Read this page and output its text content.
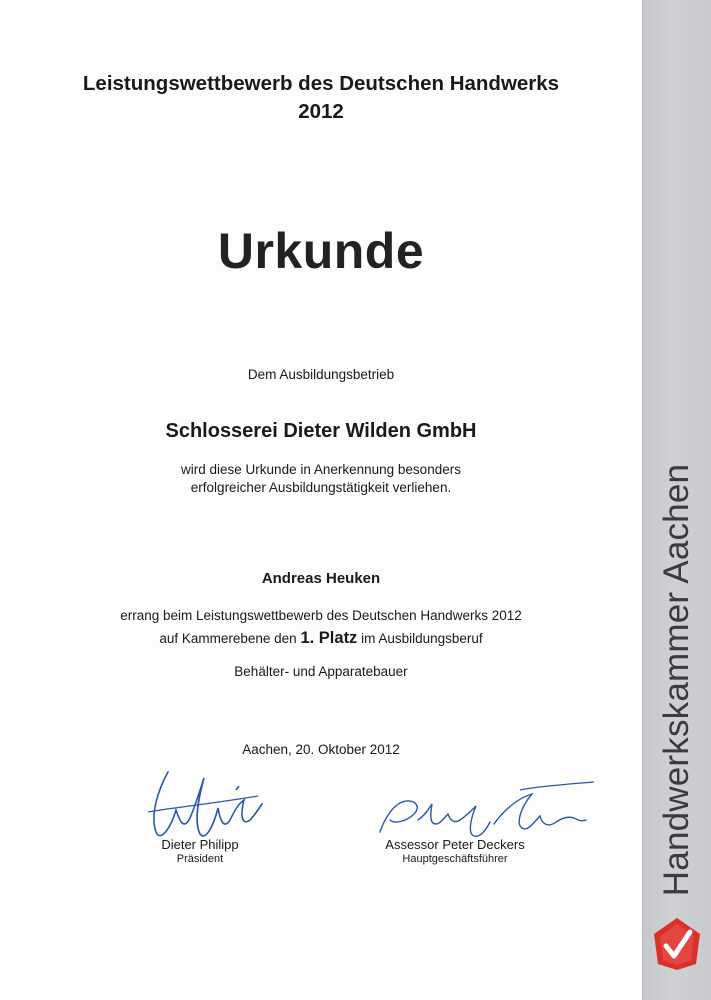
Leistungswettbewerb des Deutschen Handwerks
2012
Urkunde
Dem Ausbildungsbetrieb
Schlosserei Dieter Wilden GmbH
wird diese Urkunde in Anerkennung besonders
erfolgreicher Ausbildungstätigkeit verliehen.
Andreas Heuken
errang beim Leistungswettbewerb des Deutschen Handwerks 2012
auf Kammerebene den 1. Platz im Ausbildungsberuf
Behälter- und Apparatebauer
Aachen, 20. Oktober 2012
Dieter Philipp
Präsident
Assessor Peter Deckers
Hauptgeschäftsführer	Handwerkskammer Aachen
